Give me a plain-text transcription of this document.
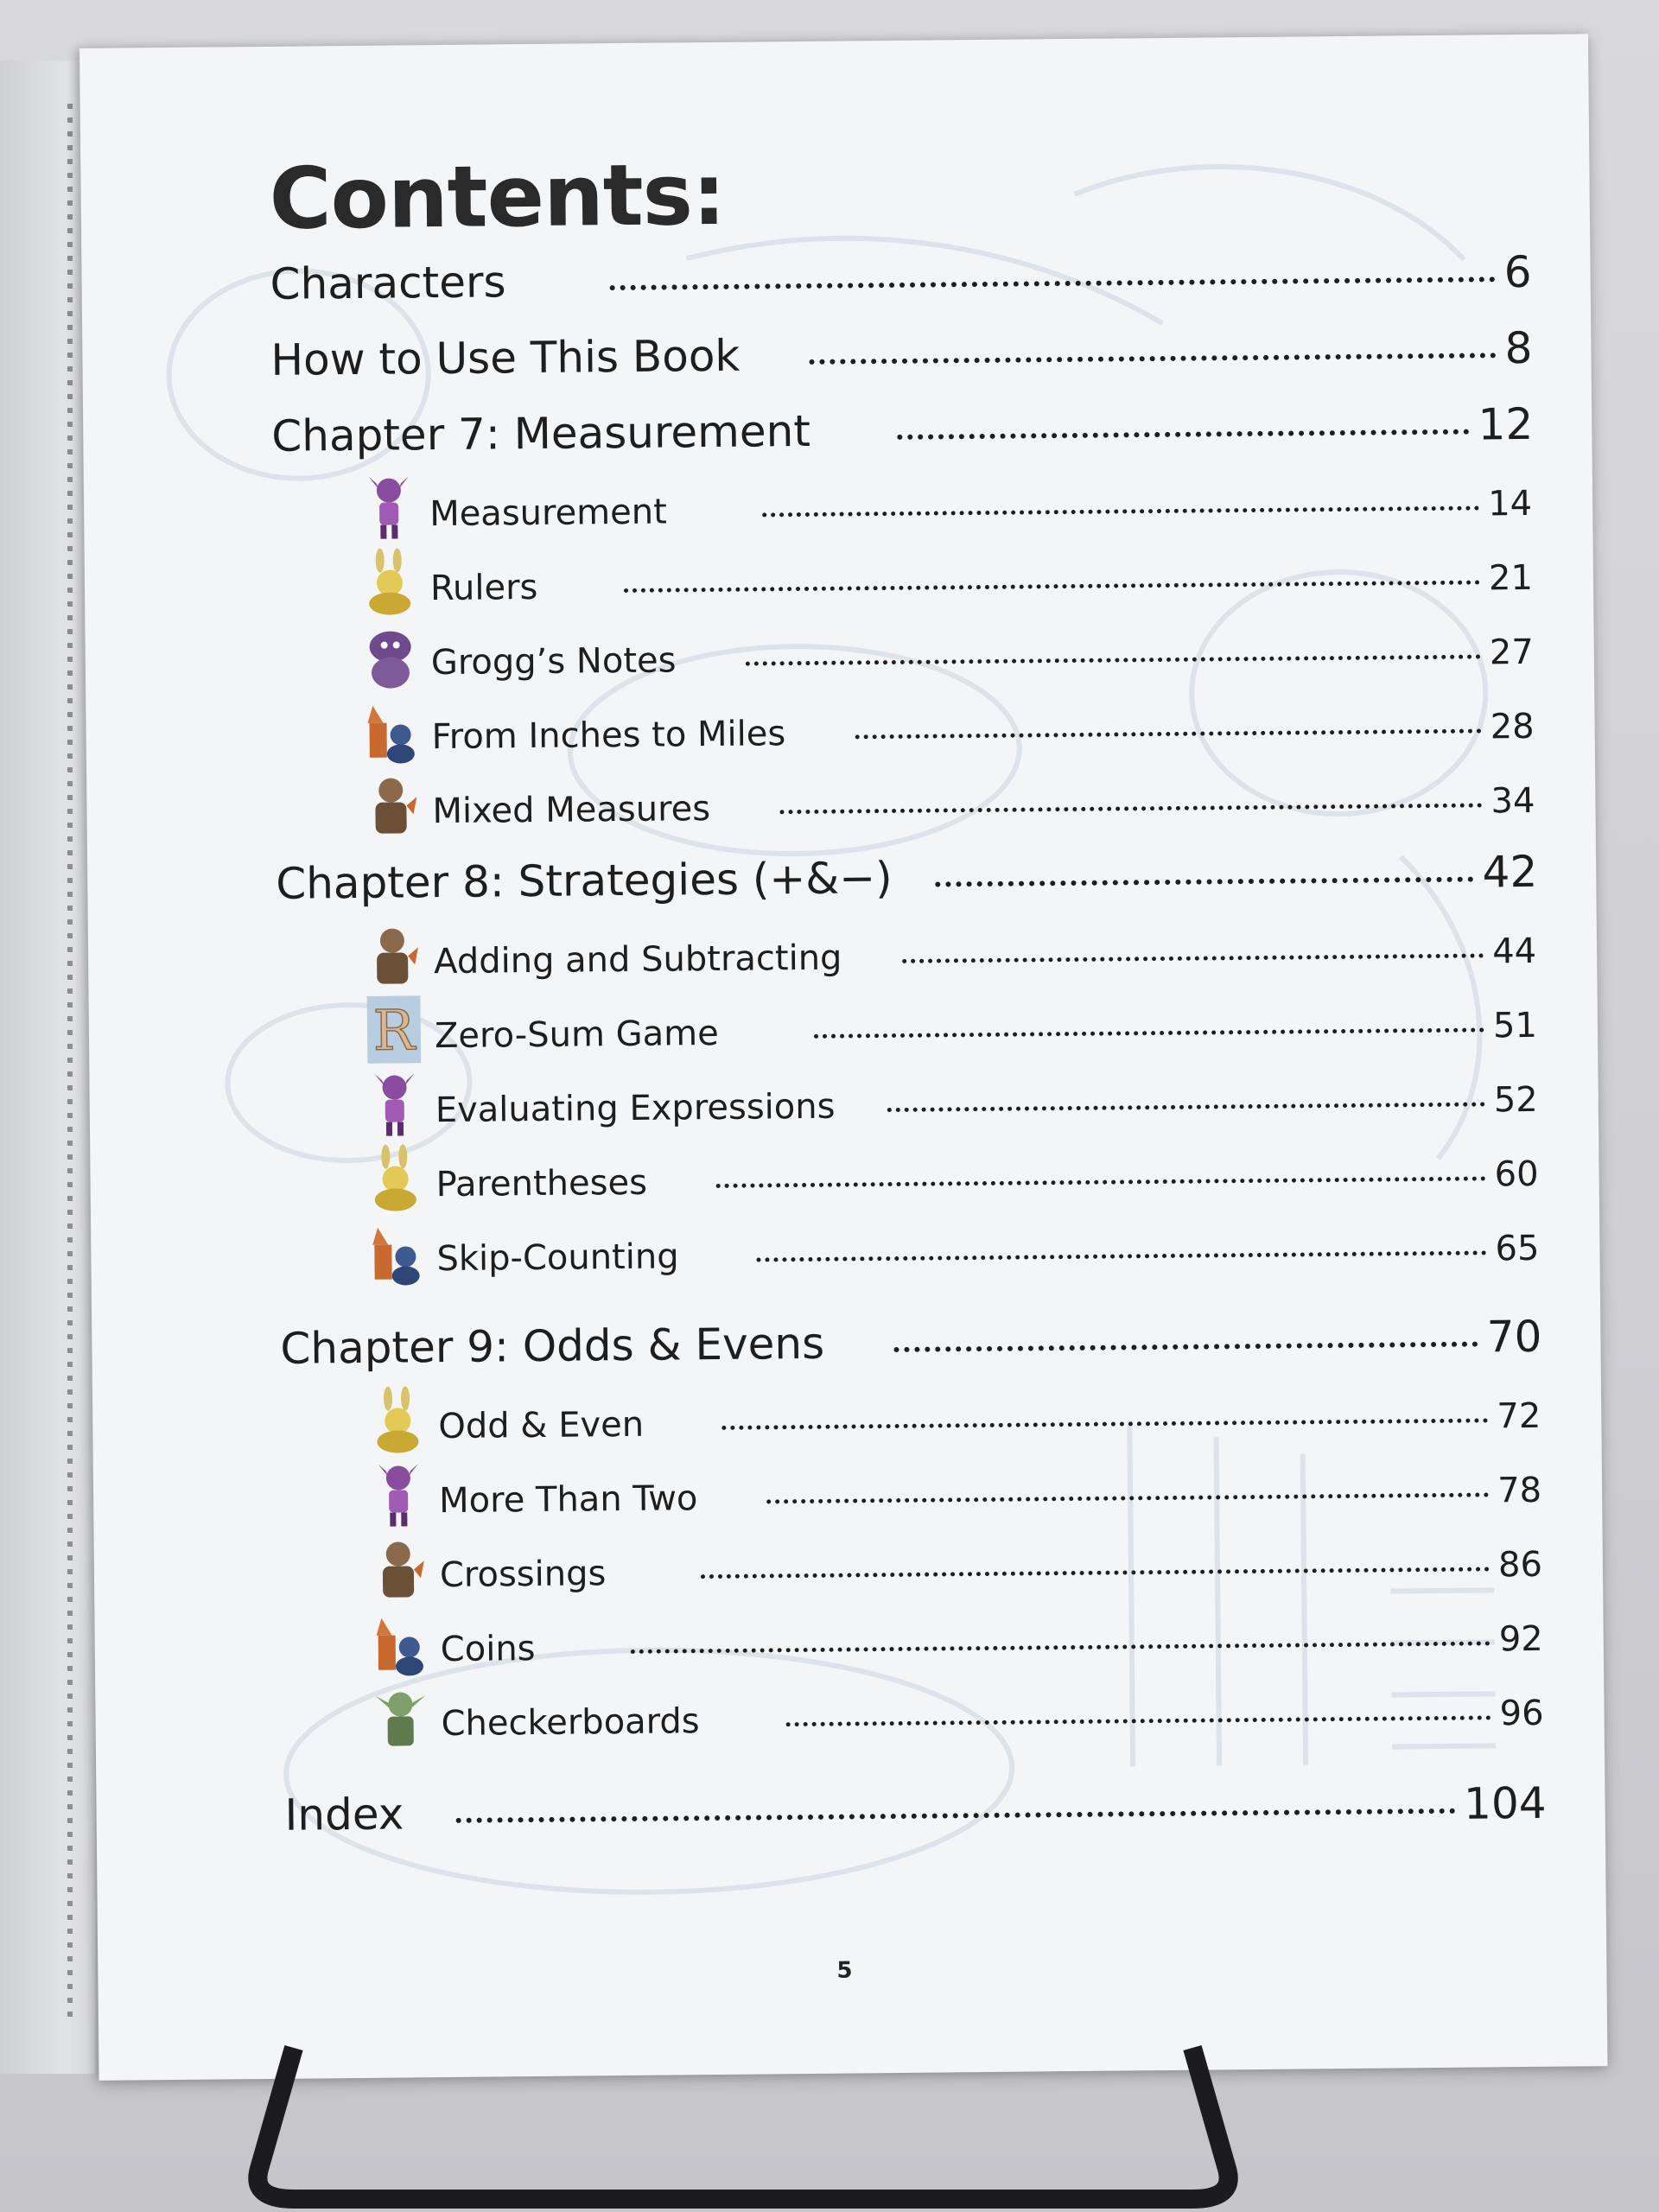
Contents:
Characters	6
How to Use This Book	8
Chapter 7: Measurement	12
Measurement	14
Rulers	21
Grogg’s Notes	27
From Inches to Miles	28
Mixed Measures	34
Chapter 8: Strategies (+&−)	42
Adding and Subtracting	44
R Zero-Sum Game	51
Evaluating Expressions	52
Parentheses	60
Skip-Counting	65
Chapter 9: Odds & Evens	70
Odd & Even	72
More Than Two	78
Crossings	86
Coins	92
Checkerboards	96
Index	104
5
